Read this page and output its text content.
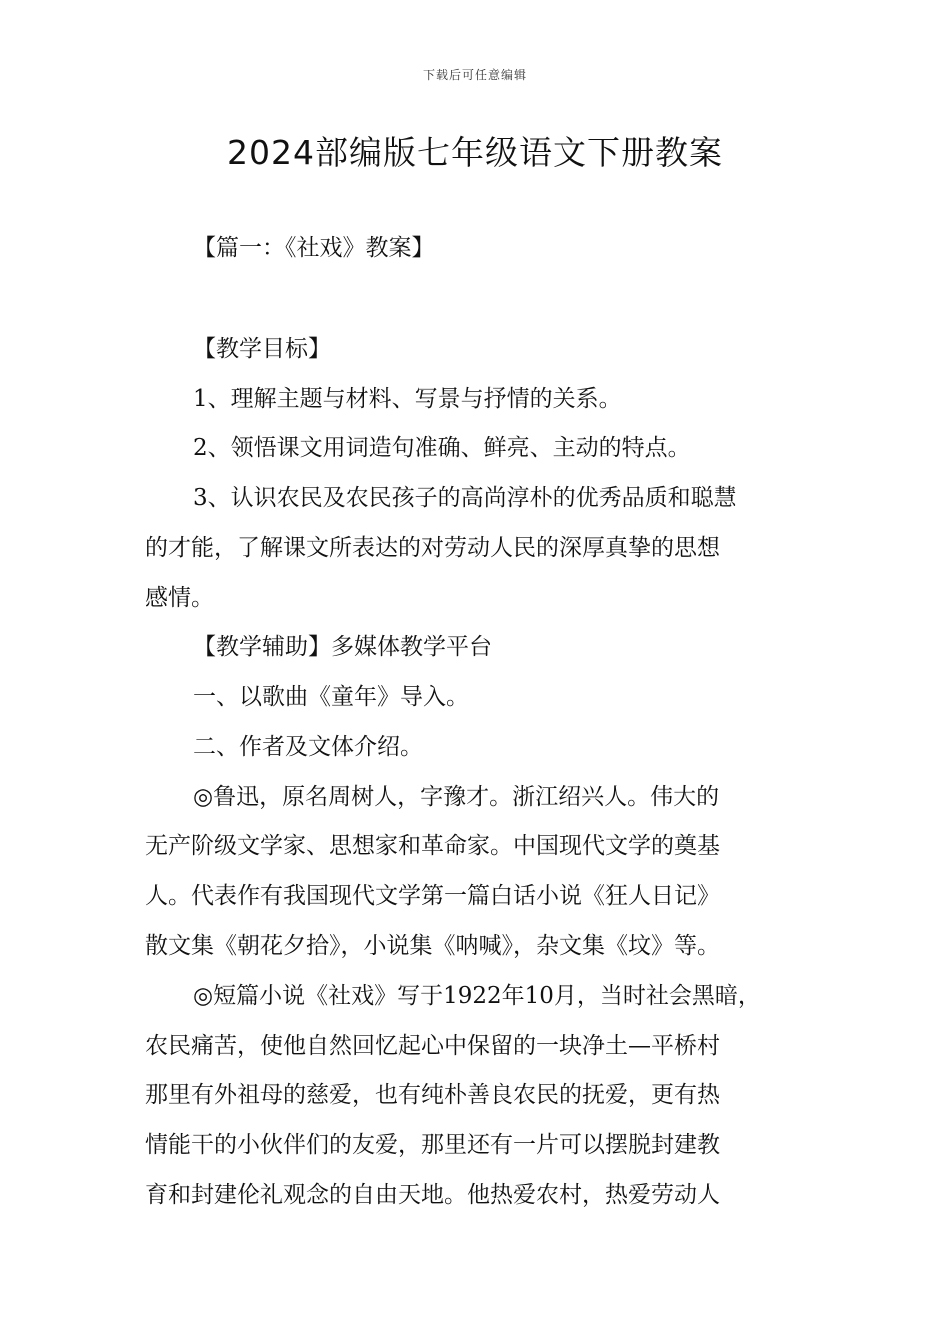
下载后可任意编辑
2024部编版七年级语文下册教案
【篇一：《社戏》教案】
【教学目标】
1、理解主题与材料、写景与抒情的关系。
2、领悟课文用词造句准确、鲜亮、主动的特点。
3、认识农民及农民孩子的高尚淳朴的优秀品质和聪慧
的才能，了解课文所表达的对劳动人民的深厚真挚的思想
感情。
【教学辅助】多媒体教学平台
一、以歌曲《童年》导入。
二、作者及文体介绍。
◎鲁迅，原名周树人，字豫才。浙江绍兴人。伟大的
无产阶级文学家、思想家和革命家。中国现代文学的奠基
人。代表作有我国现代文学第一篇白话小说《狂人日记》
散文集《朝花夕拾》，小说集《呐喊》，杂文集《坟》等。
◎短篇小说《社戏》写于1922年10月，当时社会黑暗，
农民痛苦，使他自然回忆起心中保留的一块净土—平桥村
那里有外祖母的慈爱，也有纯朴善良农民的抚爱，更有热
情能干的小伙伴们的友爱，那里还有一片可以摆脱封建教
育和封建伦礼观念的自由天地。他热爱农村，热爱劳动人
